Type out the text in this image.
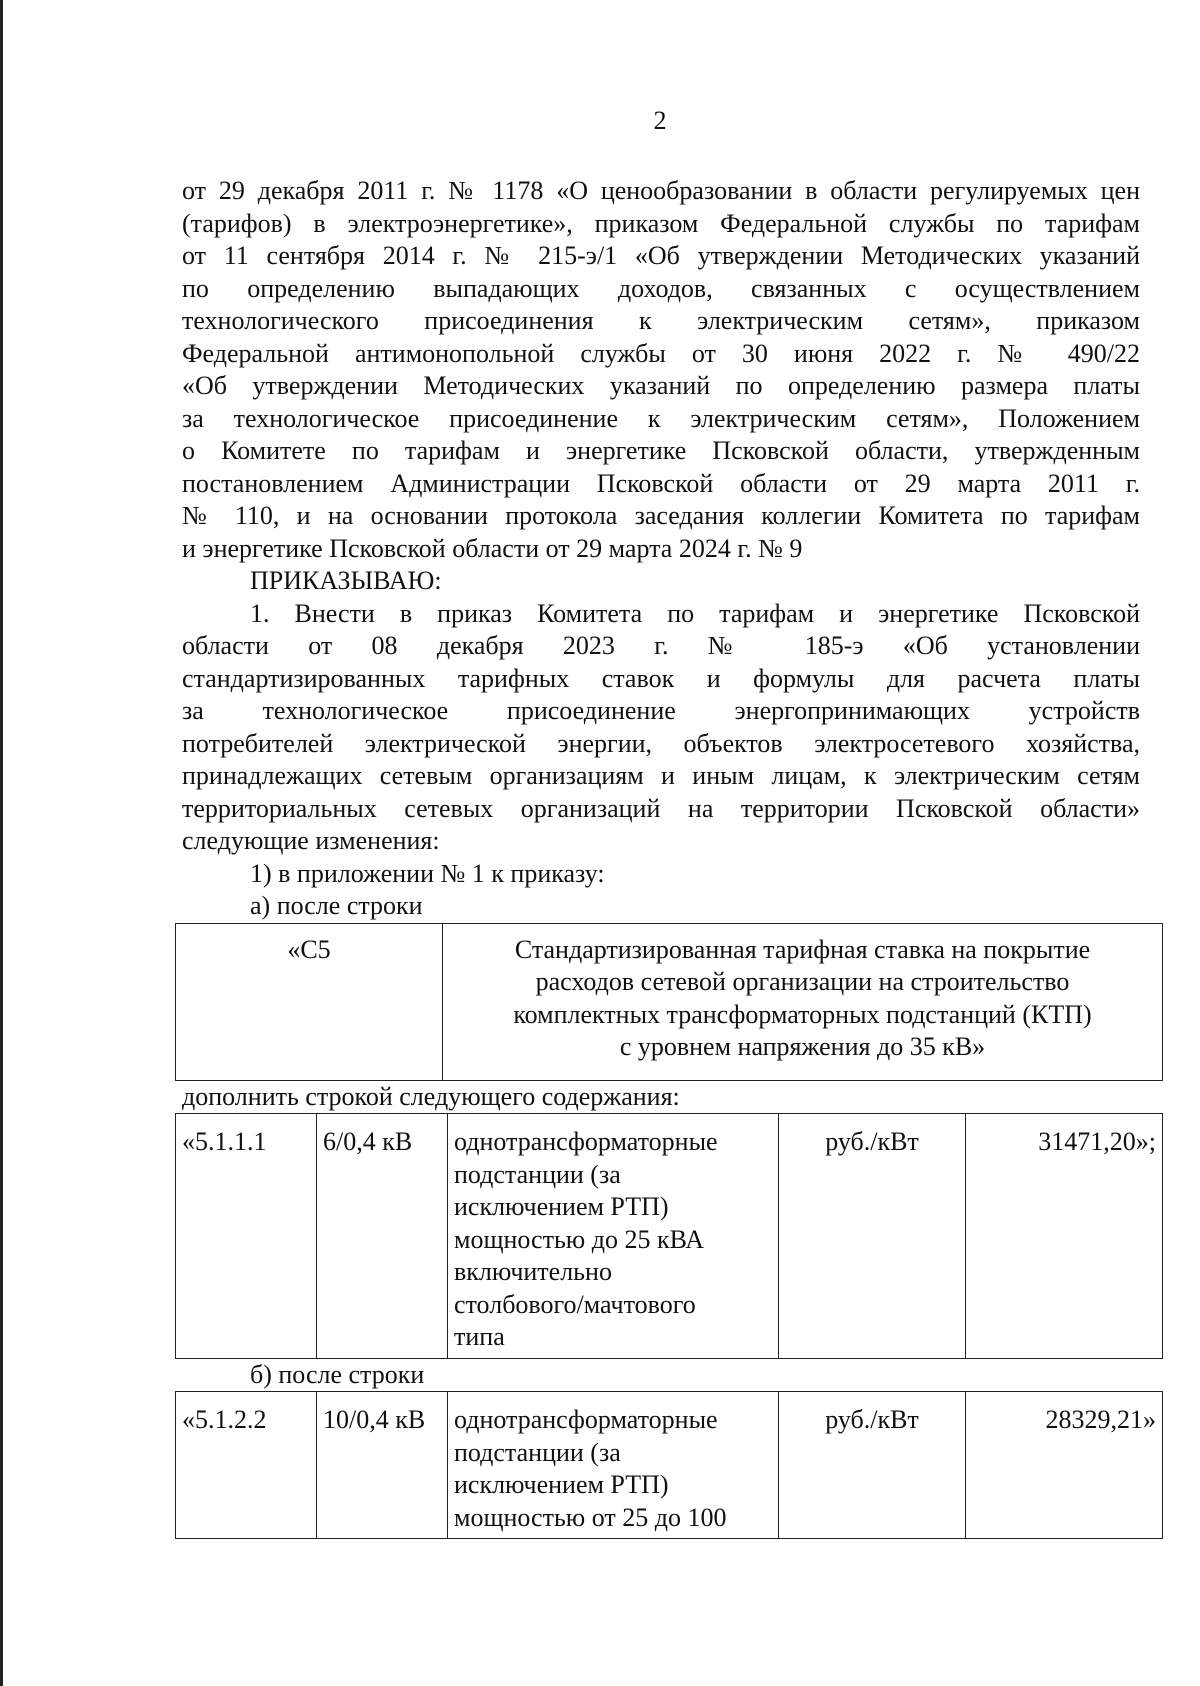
2

от 29 декабря 2011 г. № 1178 «О ценообразовании в области регулируемых цен

(тарифов) в электроэнергетике», приказом Федеральной службы по тарифам

от 11 сентября 2014 г. № 215-э/1 «Об утверждении Методических указаний

по определению выпадающих доходов, связанных с осуществлением

технологического присоединения к электрическим сетям», приказом

Федеральной антимонопольной службы от 30 июня 2022 г. № 490/22

«Об утверждении Методических указаний по определению размера платы

за технологическое присоединение к электрическим сетям», Положением

о Комитете по тарифам и энергетике Псковской области, утвержденным

постановлением Администрации Псковской области от 29 марта 2011 г.

№ 110, и на основании протокола заседания коллегии Комитета по тарифам

и энергетике Псковской области от 29 марта 2024 г. № 9

ПРИКАЗЫВАЮ:

1. Внести в приказ Комитета по тарифам и энергетике Псковской

области от 08 декабря 2023 г. № 185-э «Об установлении

стандартизированных тарифных ставок и формулы для расчета платы

за технологическое присоединение энергопринимающих устройств

потребителей электрической энергии, объектов электросетевого хозяйства,

принадлежащих сетевым организациям и иным лицам, к электрическим сетям

территориальных сетевых организаций на территории Псковской области»

следующие изменения:

1) в приложении № 1 к приказу:

а) после строки

«С5	Стандартизированная тарифная ставка на покрытие
расходов сетевой организации на строительство
комплектных трансформаторных подстанций (КТП)
с уровнем напряжения до 35 кВ»

дополнить строкой следующего содержания:

«5.1.1.1	6/0,4 кВ	однотрансформаторные
подстанции (за
исключением РТП)
мощностью до 25 кВА
включительно
столбового/мачтового
типа
	руб./кВт	31471,20»;

б) после строки

«5.1.2.2	10/0,4 кВ	однотрансформаторные
подстанции (за
исключением РТП)
мощностью от 25 до 100
	руб./кВт	28329,21»
